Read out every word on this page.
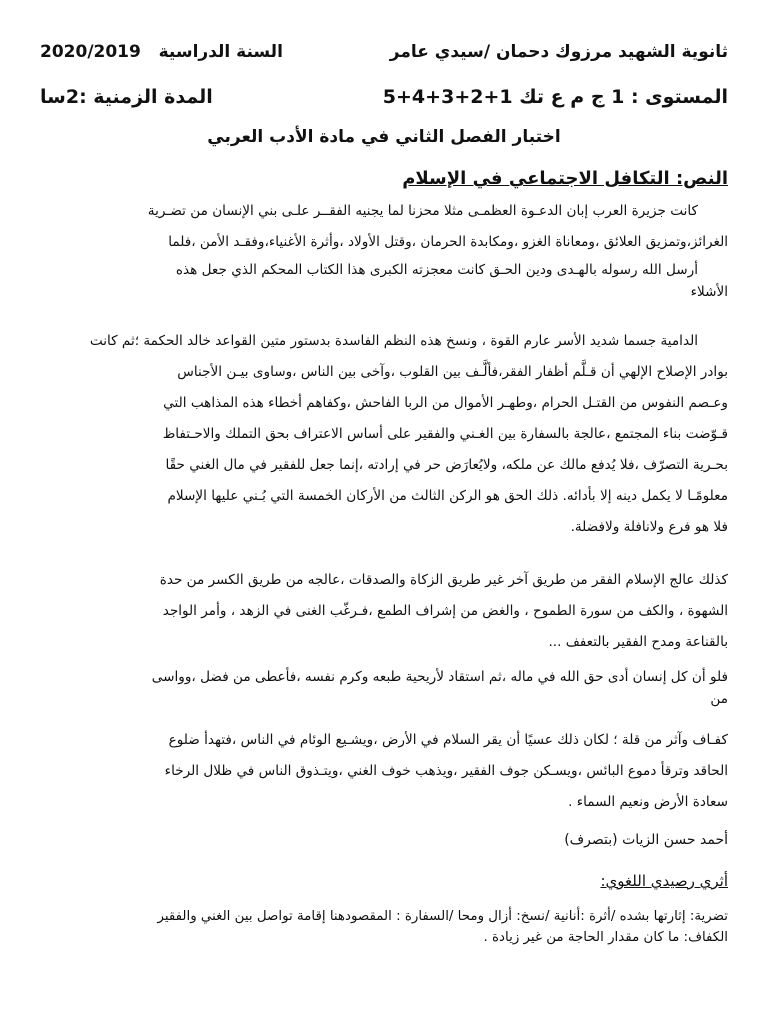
ثانوية الشهيد مرزوك دحمان /سيدي عامر
السنة الدراسية   2020/2019
المستوى : 1 ج م ع تك 1+2+3+4+5
المدة الزمنية :2سا
اختبار الفصل الثاني في مادة الأدب العربي
النص: التكافل الاجتماعي في الإسلام
كانت جزيرة العرب إبان الدعـوة العظمـى مثلا محزنا لما يجنيه الفقــر علـى بني الإنسان من تضـرية
الغرائز،وتمزيق العلائق ،ومعاناة الغزو ،ومكابدة الحرمان ،وقتل الأولاد ،وأثرة الأغنياء،وفقـد الأمن ،فلما
أرسل الله رسوله بالهـدى ودين الحـق كانت معجزته الكبرى هذا الكتاب المحكم الذي جعل هذه
الأشلاء
الدامية جسما شديد الأسر عارم القوة ، ونسخ هذه النظم الفاسدة بدستور متين القواعد خالد الحكمة ؛ثم كانت
بوادر الإصلاح الإلهي أن قـلَّم أظفار الفقر،فألَّـف بين القلوب ،وآخى بين الناس ،وساوى بيـن الأجناس
وعـصم النفوس من القتـل الحرام ،وطهـر الأموال من الربا الفاحش ،وكفاهم أخطاء هذه المذاهب التي
قـوّضت بناء المجتمع ،عالجة بالسفارة بين الغـني والفقير على أساس الاعتراف بحق التملك والاحـتفاظ
بحـرية التصرّف ،فلا يُدفع مالك عن ملكه، ولايُعارَض حر في إرادته ،إنما جعل للفقير في مال الغني حقًا
معلومًـا لا يكمل دينه إلا بأدائه. ذلك الحق هو الركن الثالث من الأركان الخمسة التي بُـني عليها الإسلام
فلا هو فرع ولانافلة ولافضلة.
كذلك عالج الإسلام الفقر من طريق آخر غير طريق الزكاة والصدقات ،عالجه من طريق الكسر من حدة
الشهوة ، والكف من سورة الطموح ، والغض من إشراف الطمع ،فـرغّب الغنى في الزهد ، وأمر الواجد
بالقناعة ومدح الفقير بالتعفف ...
فلو أن كل إنسان أدى حق الله في ماله ،ثم استقاد لأريحية طبعه وكرم نفسه ،فأعطى من فضل ،وواسى
من
كفـاف وآثر من قلة ؛ لكان ذلك عسيًا أن يقر السلام في الأرض ،ويشـيع الوئام في الناس ،فتهدأ ضلوع
الحاقد وترقأ دموع البائس ،ويسـكن جوف الفقير ،ويذهب خوف الغني ،ويتـذوق الناس في ظلال الرخاء
سعادة الأرض ونعيم السماء .
أحمد حسن الزيات (بتصرف)
أثري رصيدي اللغوي:
تضرية: إثارتها بشده /أثرة :أنانية /نسخ: أزال ومحا /السفارة : المقصودهنا إقامة تواصل بين الغني والفقير
الكفاف: ما كان مقدار الحاجة من غير زيادة .
